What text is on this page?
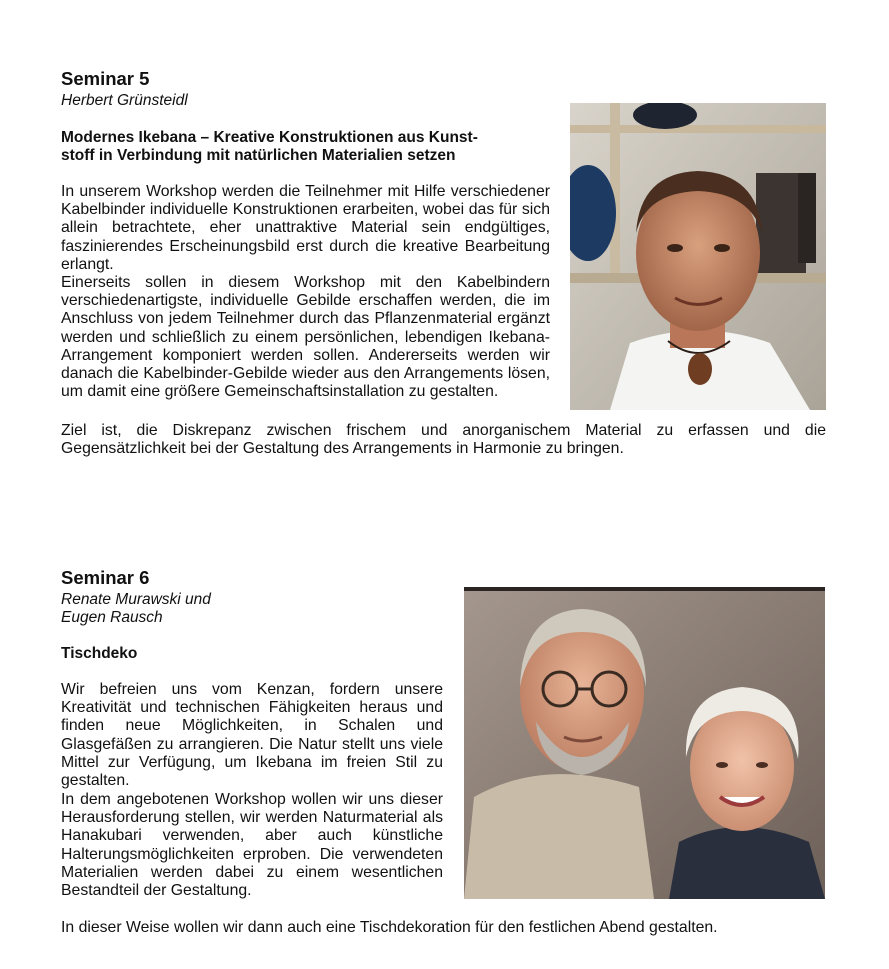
Seminar 5
Herbert Grünsteidl
Modernes Ikebana – Kreative Konstruktionen aus Kunst-
stoff in Verbindung mit natürlichen Materialien setzen

In unserem Workshop werden die Teilnehmer mit Hilfe verschiedener Kabelbinder individuelle Konstruktionen erarbeiten, wobei das für sich allein betrachtete, eher unattraktive Material sein endgültiges, faszinierendes Erscheinungsbild erst durch die kreative Bearbeitung erlangt.

Einerseits sollen in diesem Workshop mit den Kabelbindern verschiedenartigste, individuelle Gebilde erschaffen werden, die im Anschluss von jedem Teilnehmer durch das Pflanzenmaterial ergänzt werden und schließlich zu einem persönlichen, lebendigen Ikebana-Arrangement komponiert werden sollen. Andererseits werden wir danach die Kabelbinder-Gebilde wieder aus den Arrangements lösen, um damit eine größere Gemeinschaftsinstallation zu gestalten.

Ziel ist, die Diskrepanz zwischen frischem und anorganischem Material zu erfassen und die Gegensätzlichkeit bei der Gestaltung des Arrangements in Harmonie zu bringen.

Seminar 6
Renate Murawski und
Eugen Rausch
Tischdeko

Wir befreien uns vom Kenzan, fordern unsere Kreativität und technischen Fähigkeiten heraus und finden neue Möglichkeiten, in Schalen und Glasgefäßen zu arrangieren. Die Natur stellt uns viele Mittel zur Verfügung, um Ikebana im freien Stil zu gestalten.

In dem angebotenen Workshop wollen wir uns dieser Herausforderung stellen, wir werden Naturmaterial als Hanakubari verwenden, aber auch künstliche Halterungsmöglichkeiten erproben. Die verwendeten Materialien werden dabei zu einem wesentlichen Bestandteil der Gestaltung.

In dieser Weise wollen wir dann auch eine Tischdekoration für den festlichen Abend gestalten.
